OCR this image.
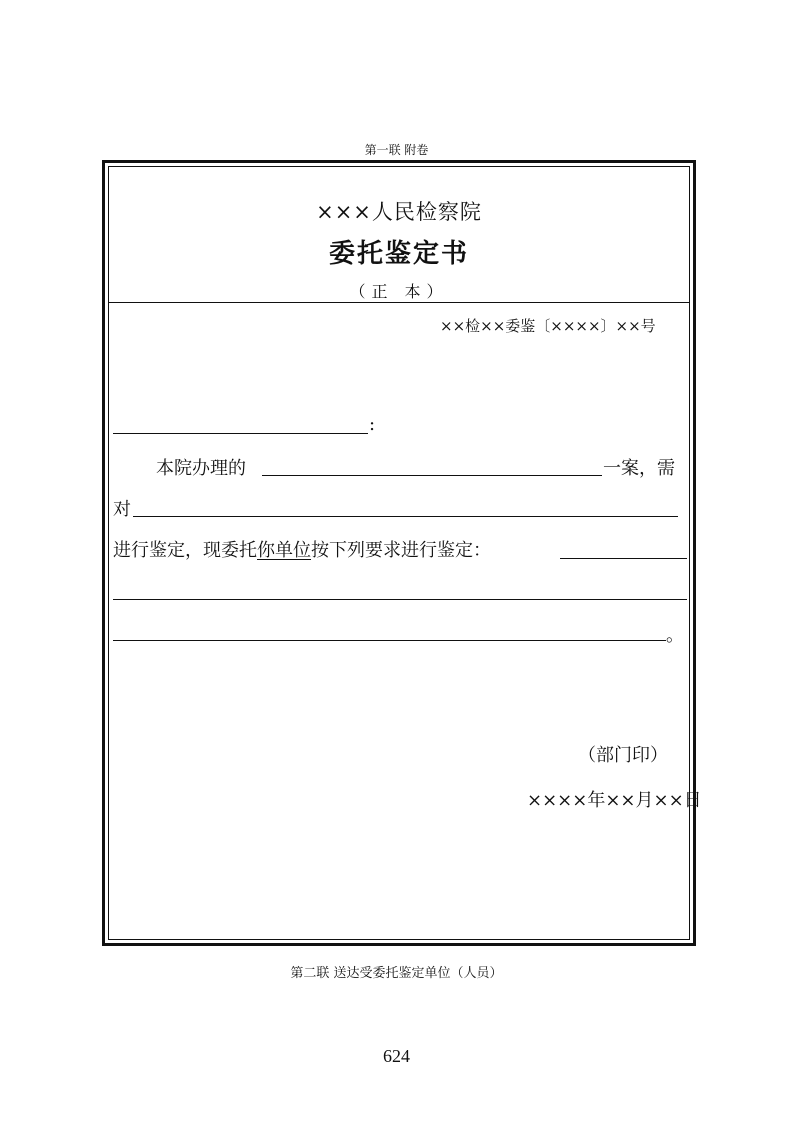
第一联 附卷
×××人民检察院
委托鉴定书
（正 本）
××检××委鉴〔××××〕××号
:
本院办理的	一案，需
对
进行鉴定，现委托你单位按下列要求进行鉴定：
。
（部门印）
××××年××月××日
第二联 送达受委托鉴定单位（人员）
624
